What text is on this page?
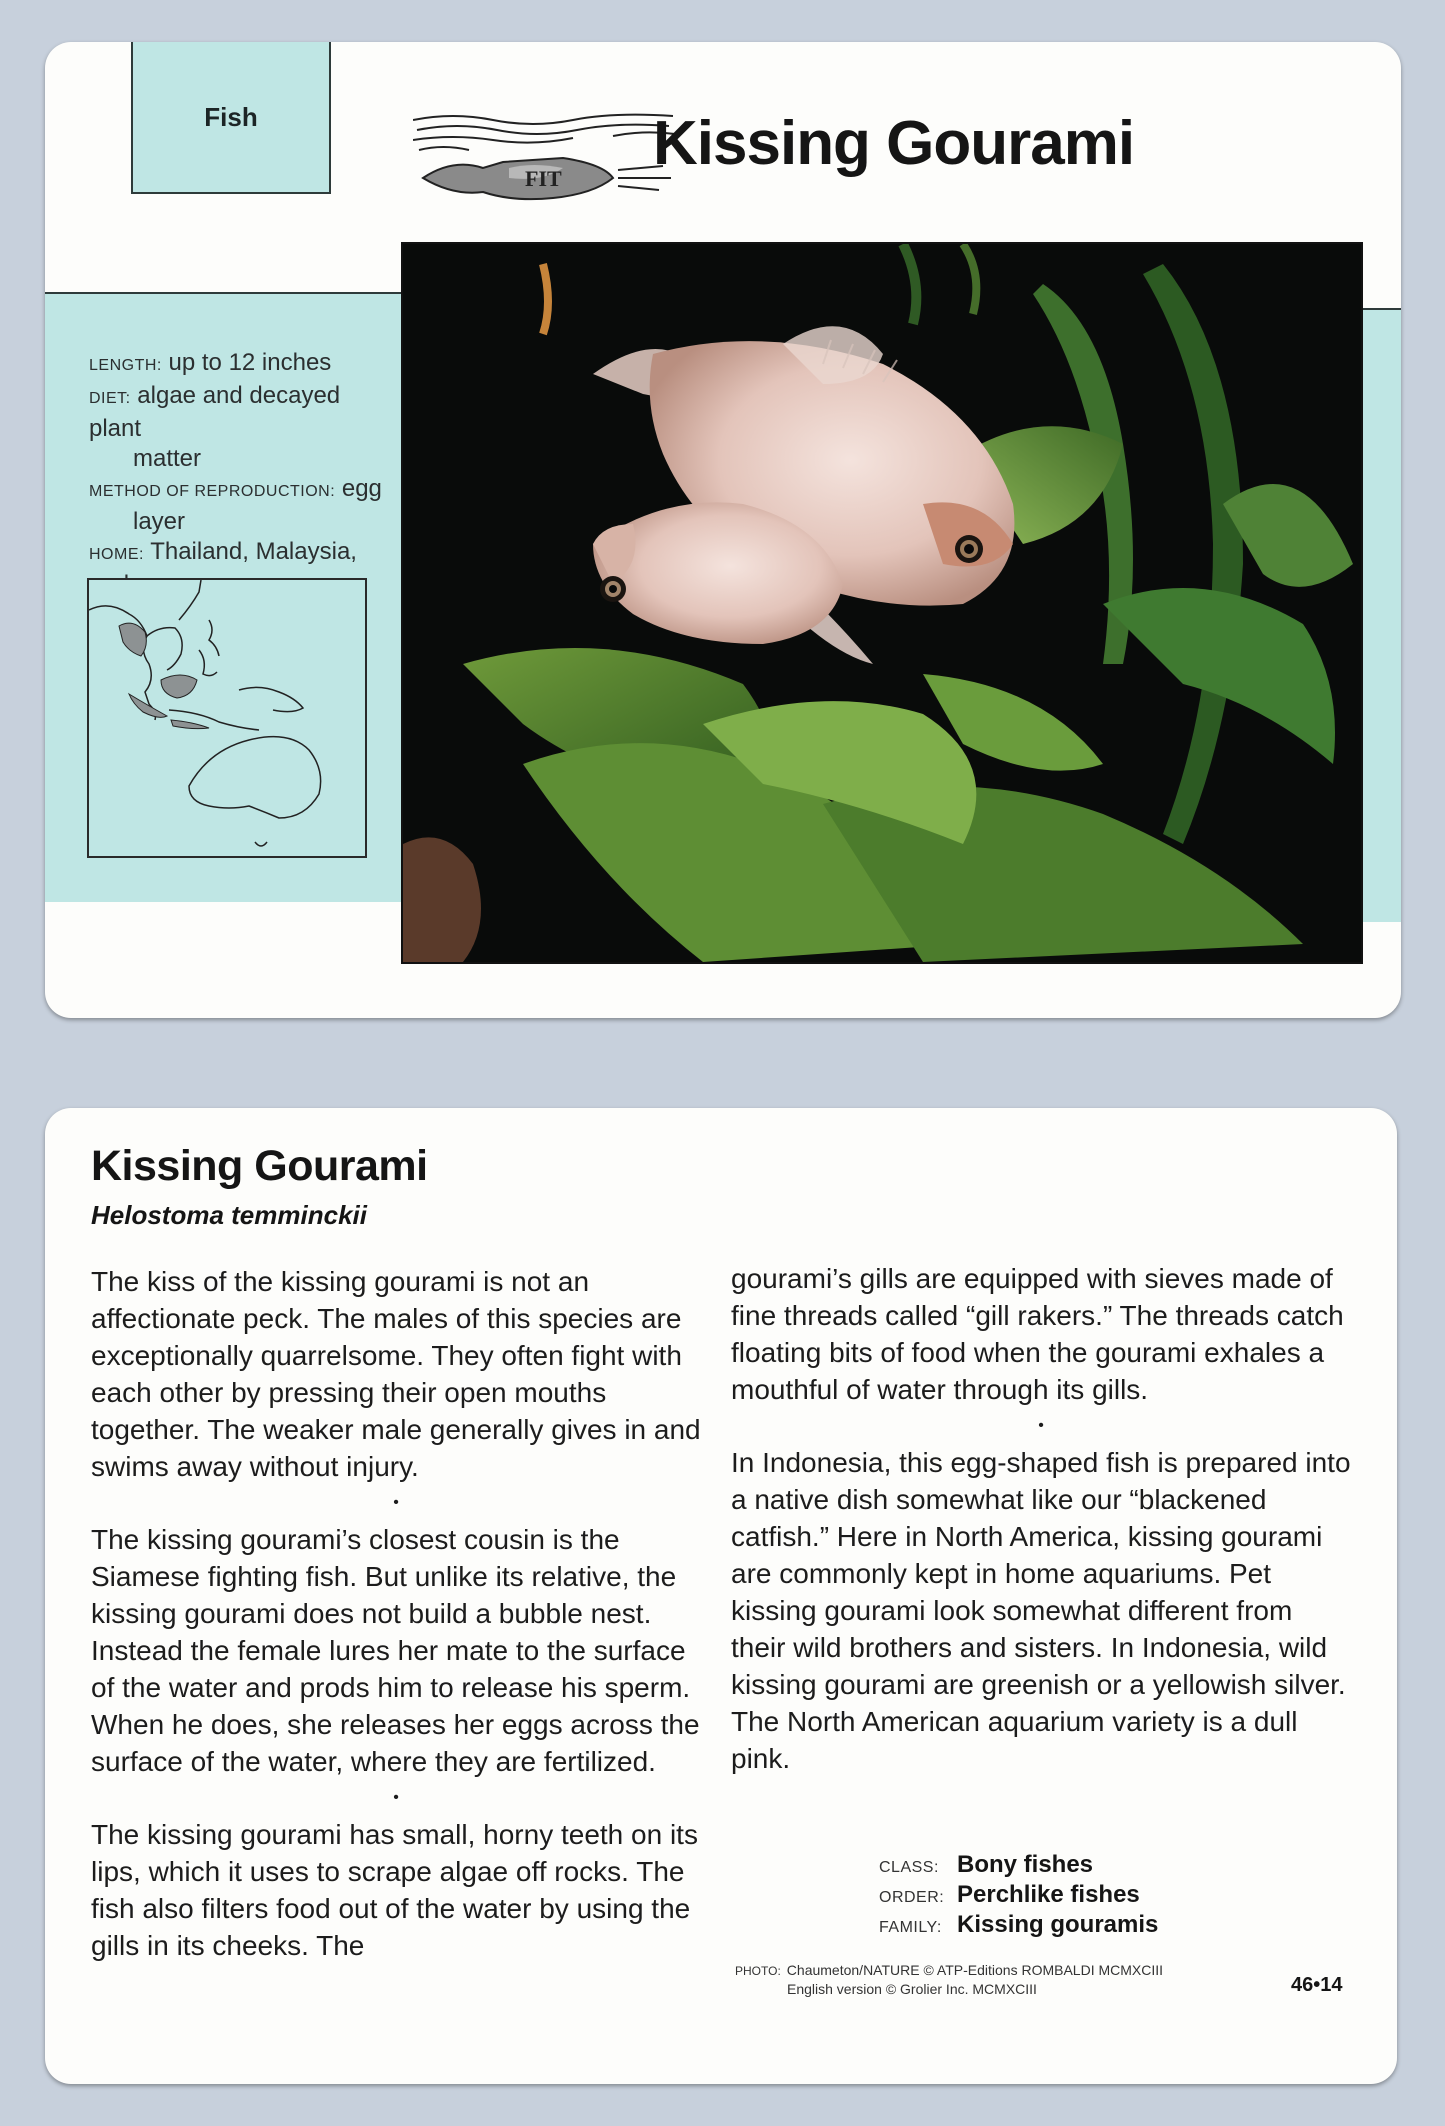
Fish
FIT
Kissing Gourami
LENGTH: up to 12 inches
DIET: algae and decayed plant
matter
METHOD OF REPRODUCTION: egg
layer
HOME: Thailand, Malaysia,
Kissing Gourami
Helostoma temminckii

The kiss of the kissing gourami is not an affectionate peck. The males of this species are exceptionally quarrelsome. They often fight with each other by pressing their open mouths together. The weaker male generally gives in and swims away without injury.

•

The kissing gourami’s closest cousin is the Siamese fighting fish. But unlike its relative, the kissing gourami does not build a bubble nest. Instead the female lures her mate to the surface of the water and prods him to release his sperm. When he does, she releases her eggs across the surface of the water, where they are fertilized.

•

The kissing gourami has small, horny teeth on its lips, which it uses to scrape algae off rocks. The fish also filters food out of the water by using the gills in its cheeks. The

gourami’s gills are equipped with sieves made of fine threads called “gill rakers.” The threads catch floating bits of food when the gourami exhales a mouthful of water through its gills.

•

In Indonesia, this egg-shaped fish is prepared into a native dish somewhat like our “blackened catfish.” Here in North America, kissing gourami are commonly kept in home aquariums. Pet kissing gourami look somewhat different from their wild brothers and sisters. In Indonesia, wild kissing gourami are greenish or a yellowish silver. The North American aquarium variety is a dull pink.

CLASS: Bony fishes
ORDER: Perchlike fishes
FAMILY: Kissing gouramis
PHOTO: Chaumeton/NATURE © ATP-Editions ROMBALDI MCMXCIII
English version © Grolier Inc. MCMXCIII	46•14
